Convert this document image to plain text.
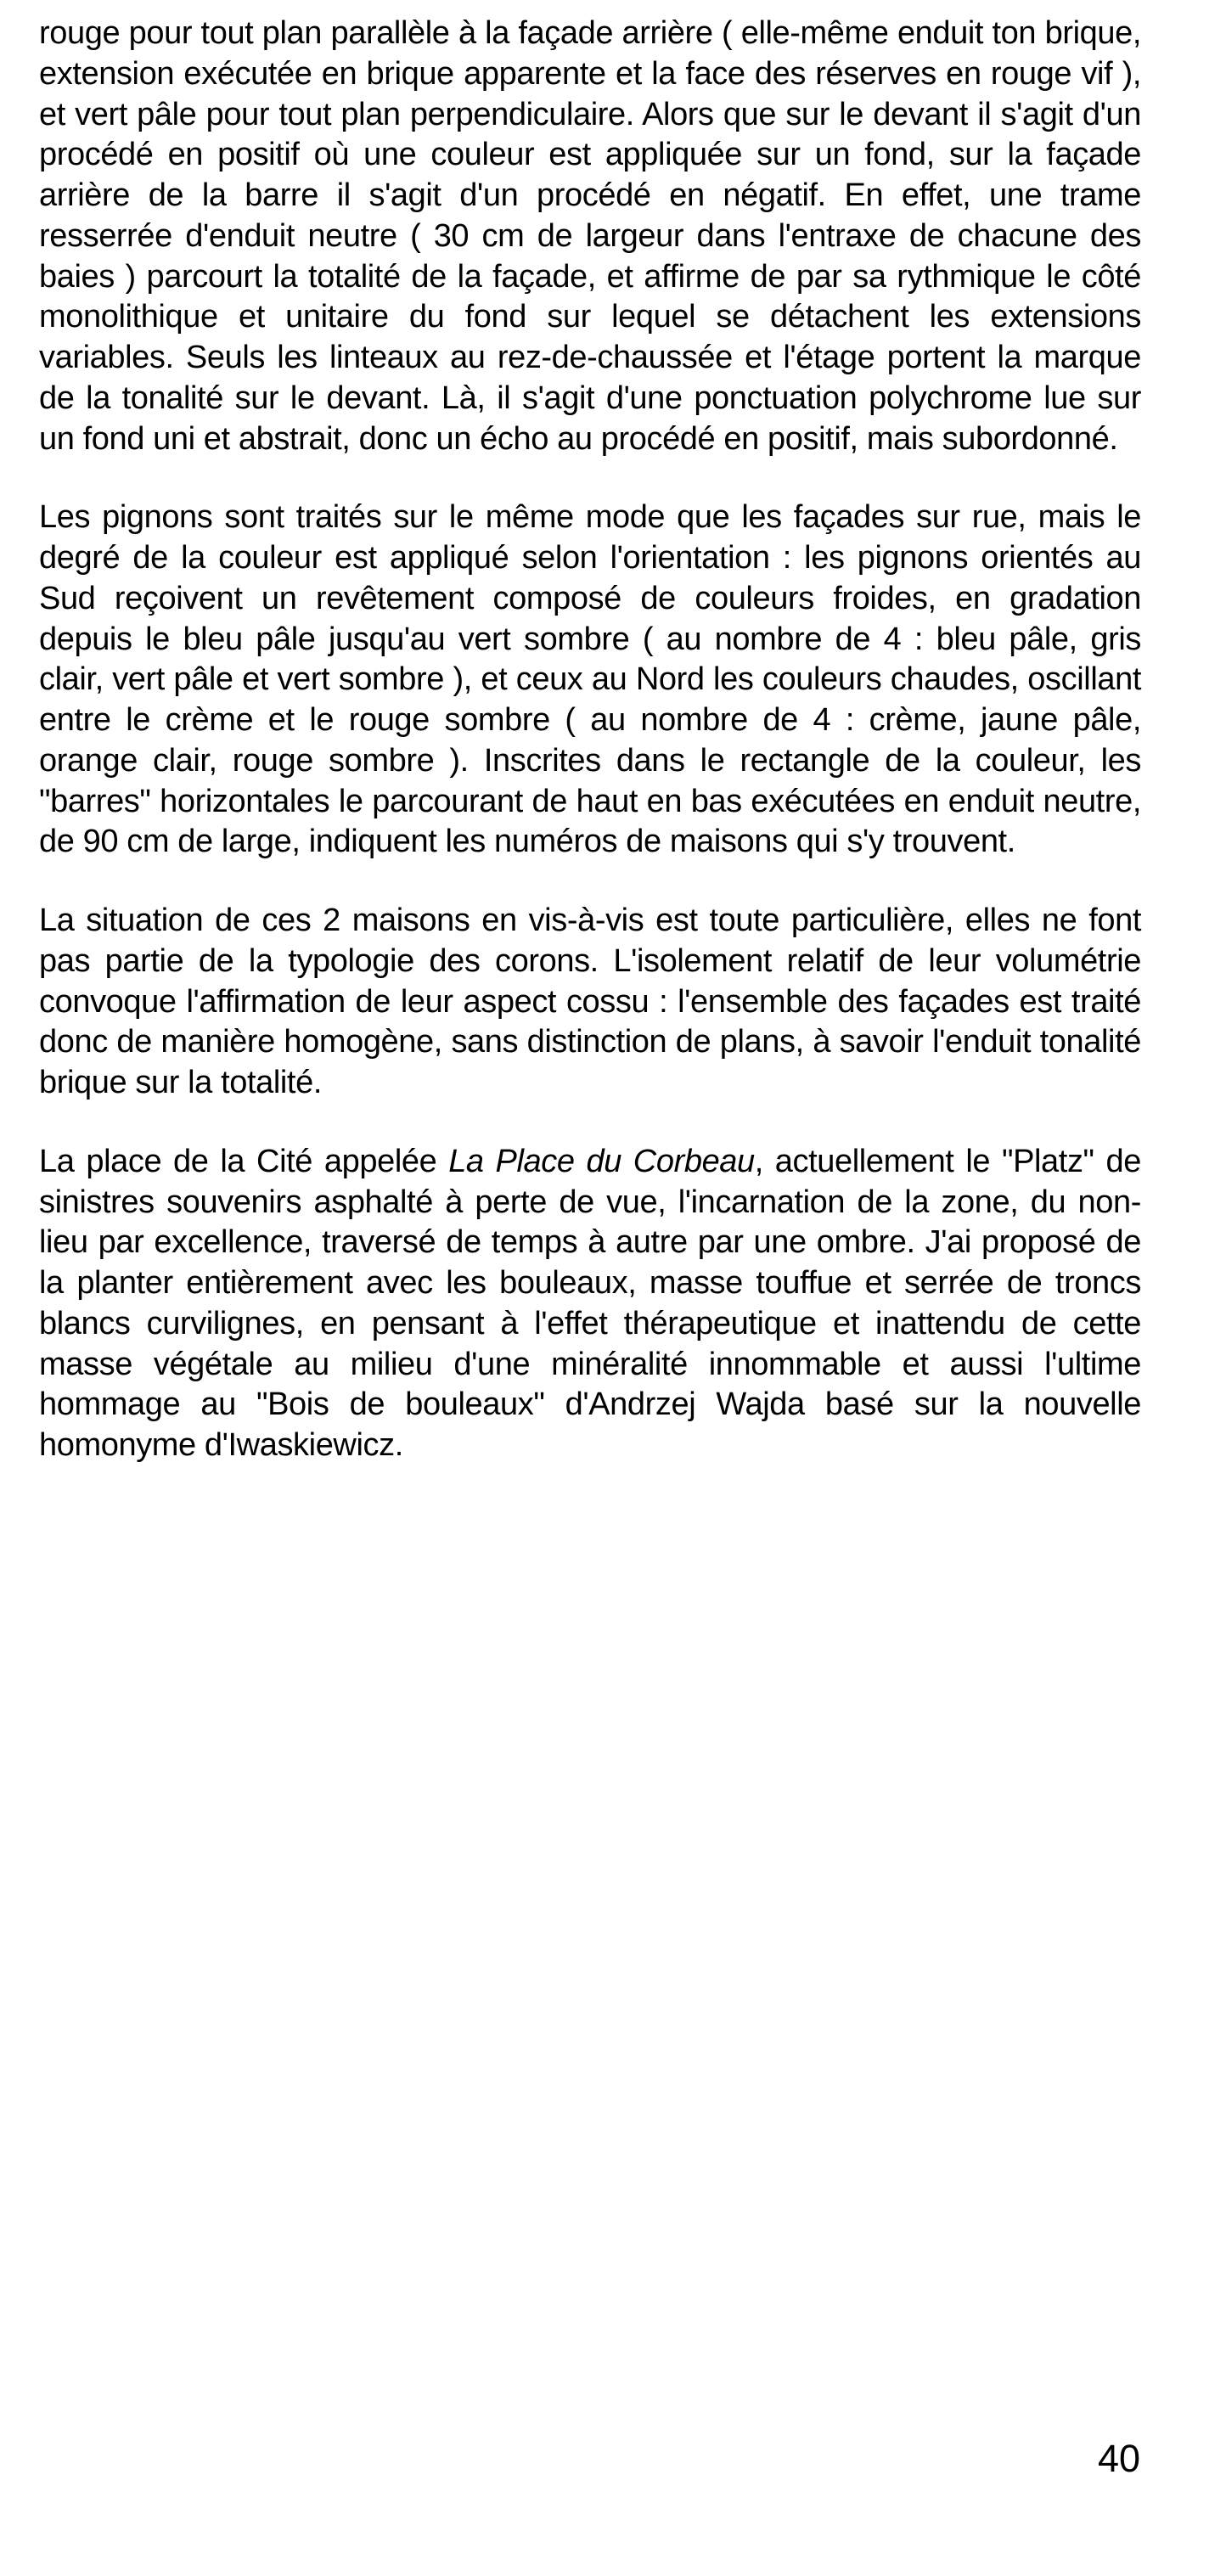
rouge pour tout plan parallèle à la façade arrière ( elle-même enduit ton brique, extension exécutée en brique apparente et la face des réserves en rouge vif ), et vert pâle pour tout plan perpendiculaire. Alors que sur le devant il s'agit d'un procédé en positif où une couleur est appliquée sur un fond, sur la façade arrière de la barre il s'agit d'un procédé en négatif. En effet, une trame resserrée d'enduit neutre ( 30 cm de largeur dans l'entraxe de chacune des baies ) parcourt la totalité de la façade, et affirme de par sa rythmique le côté monolithique et unitaire du fond sur lequel se détachent les extensions variables. Seuls les linteaux au rez-de-chaussée et l'étage portent la marque de la tonalité sur le devant. Là, il s'agit d'une ponctuation polychrome lue sur un fond uni et abstrait, donc un écho au procédé en positif, mais subordonné.

Les pignons sont traités sur le même mode que les façades sur rue, mais le degré de la couleur est appliqué selon l'orientation : les pignons orientés au Sud reçoivent un revêtement composé de couleurs froides, en gradation depuis le bleu pâle jusqu'au vert sombre ( au nombre de 4 : bleu pâle, gris clair, vert pâle et vert sombre ), et ceux au Nord les couleurs chaudes, oscillant entre le crème et le rouge sombre ( au nombre de 4 : crème, jaune pâle, orange clair, rouge sombre ). Inscrites dans le rectangle de la couleur, les "barres" horizontales le parcourant de haut en bas exécutées en enduit neutre, de 90 cm de large, indiquent les numéros de maisons qui s'y trouvent.

La situation de ces 2 maisons en vis-à-vis est toute particulière, elles ne font pas partie de la typologie des corons. L'isolement relatif de leur volumétrie convoque l'affirmation de leur aspect cossu : l'ensemble des façades est traité donc de manière homogène, sans distinction de plans, à savoir l'enduit tonalité brique sur la totalité.

La place de la Cité appelée La Place du Corbeau, actuellement le "Platz" de sinistres souvenirs asphalté à perte de vue, l'incarnation de la zone, du non-lieu par excellence, traversé de temps à autre par une ombre. J'ai proposé de la planter entièrement avec les bouleaux, masse touffue et serrée de troncs blancs curvilignes, en pensant à l'effet thérapeutique et inattendu de cette masse végétale au milieu d'une minéralité innommable et aussi l'ultime hommage au "Bois de bouleaux" d'Andrzej Wajda basé sur la nouvelle homonyme d'Iwaskiewicz.

40
